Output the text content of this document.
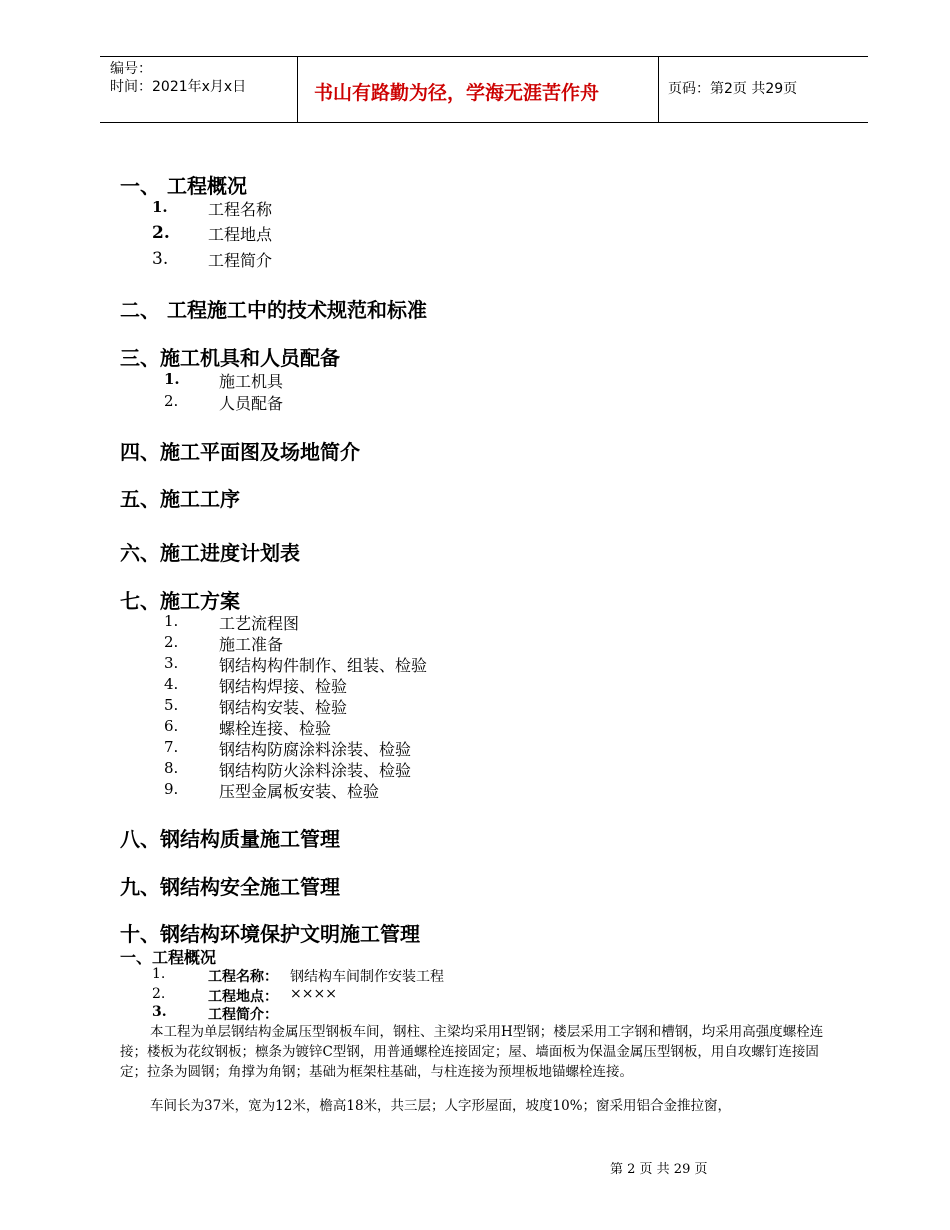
编号：
时间：2021年x月x日	书山有路勤为径，学海无涯苦作舟	页码：第2页 共29页
一、 工程概况
1.	工程名称
2. 工程地点
3. 工程简介
二、 工程施工中的技术规范和标准
三、施工机具和人员配备
1. 施工机具
2.	人员配备
四、施工平面图及场地简介
五、施工工序
六、施工进度计划表
七、施工方案
1.	工艺流程图
2.	施工准备
3.	钢结构构件制作、组装、检验
4.	钢结构焊接、检验
5.	钢结构安装、检验
6.	螺栓连接、检验
7.	钢结构防腐涂料涂装、检验
8.	钢结构防火涂料涂装、检验
9.	压型金属板安装、检验
八、钢结构质量施工管理
九、钢结构安全施工管理
十、钢结构环境保护文明施工管理
一、工程概况
1.	工程名称： 钢结构车间制作安装工程
2.	工程地点： ××××
3.	工程简介：
本工程为单层钢结构金属压型钢板车间，钢柱、主梁均采用H型钢；楼层采用工字钢和槽钢，均采用高强度螺栓连接；楼板为花纹钢板；檩条为镀锌C型钢，用普通螺栓连接固定；屋、墙面板为保温金属压型钢板，用自攻螺钉连接固定；拉条为圆钢；角撑为角钢；基础为框架柱基础，与柱连接为预埋板地锚螺栓连接。
车间长为37米，宽为12米，檐高18米，共三层；人字形屋面，坡度10%；窗采用铝合金推拉窗，
第 2 页 共 29 页
